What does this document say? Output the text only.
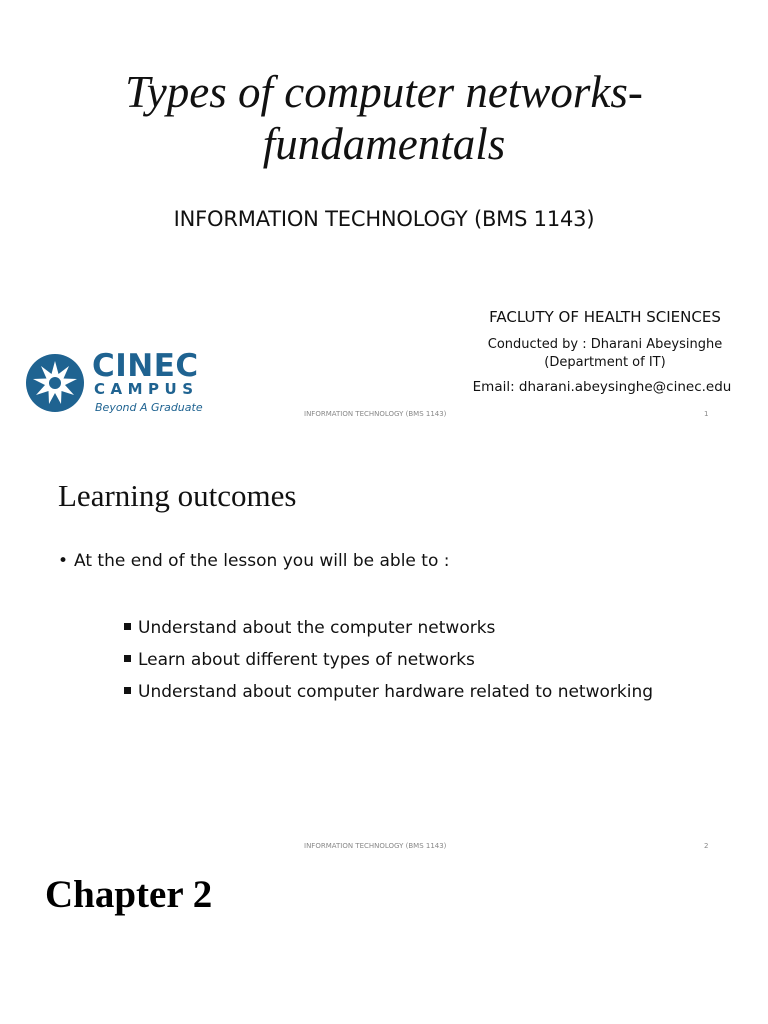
Types of computer networks-
fundamentals
INFORMATION TECHNOLOGY (BMS 1143)
CINEC
CAMPUS
Beyond A Graduate
FACLUTY OF HEALTH SCIENCES
Conducted by : Dharani Abeysinghe
(Department of IT)
Email: dharani.abeysinghe@cinec.edu
INFORMATION TECHNOLOGY (BMS 1143)	1
Learning outcomes
• At the end of the lesson you will be able to :
Understand about the computer networks
Learn about different types of networks
Understand about computer hardware related to networking
INFORMATION TECHNOLOGY (BMS 1143)	2
Chapter 2
